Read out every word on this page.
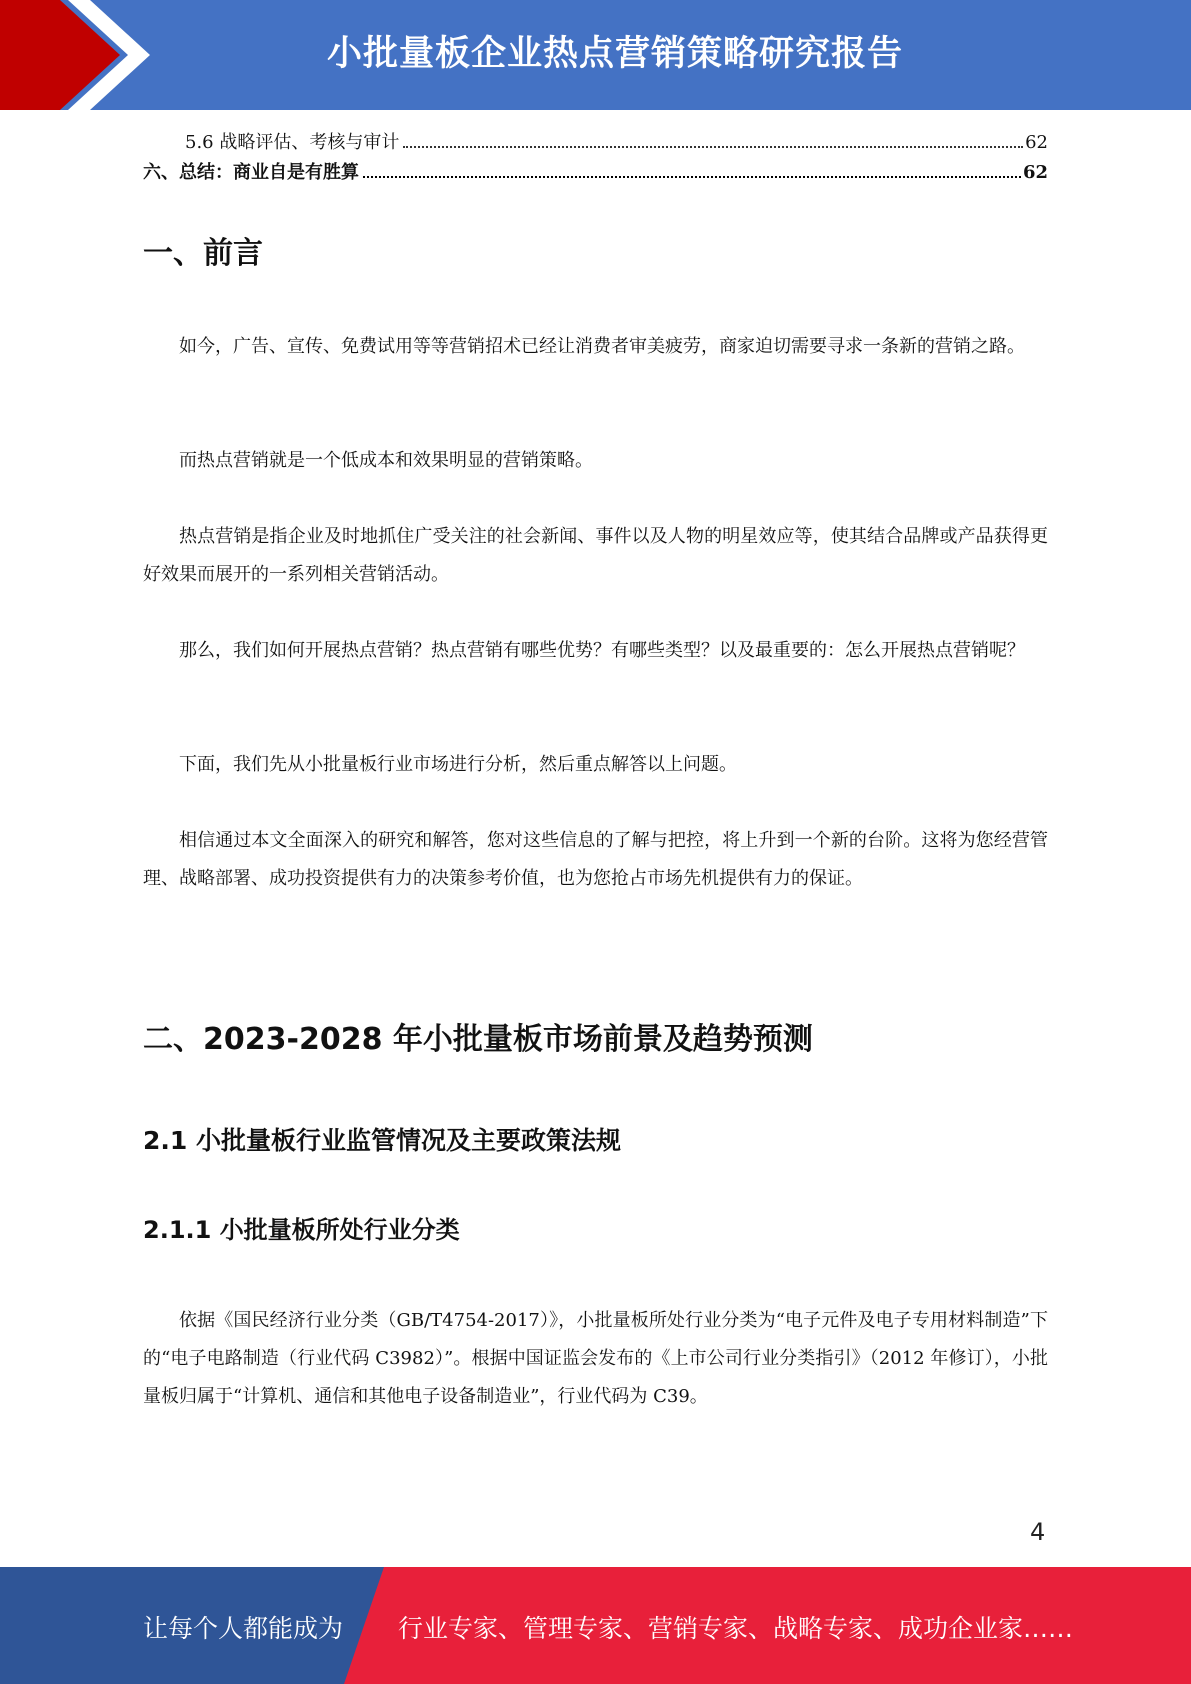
小批量板企业热点营销策略研究报告
5.6 战略评估、考核与审计	62
六、总结：商业自是有胜算	62
一、前言

如今，广告、宣传、免费试用等等营销招术已经让消费者审美疲劳，商家迫切需要寻求一条新的营销之路。

而热点营销就是一个低成本和效果明显的营销策略。

热点营销是指企业及时地抓住广受关注的社会新闻、事件以及人物的明星效应等，使其结合品牌或产品获得更好效果而展开的一系列相关营销活动。

那么，我们如何开展热点营销？热点营销有哪些优势？有哪些类型？以及最重要的：怎么开展热点营销呢？

下面，我们先从小批量板行业市场进行分析，然后重点解答以上问题。

相信通过本文全面深入的研究和解答，您对这些信息的了解与把控，将上升到一个新的台阶。这将为您经营管理、战略部署、成功投资提供有力的决策参考价值，也为您抢占市场先机提供有力的保证。

二、2023-2028 年小批量板市场前景及趋势预测
2.1 小批量板行业监管情况及主要政策法规
2.1.1 小批量板所处行业分类

依据《国民经济行业分类（GB/T4754-2017）》，小批量板所处行业分类为“电子元件及电子专用材料制造”下的“电子电路制造（行业代码 C3982）”。根据中国证监会发布的《上市公司行业分类指引》（2012 年修订），小批量板归属于“计算机、通信和其他电子设备制造业”，行业代码为 C39。

4
让每个人都能成为 行业专家、管理专家、营销专家、战略专家、成功企业家……
